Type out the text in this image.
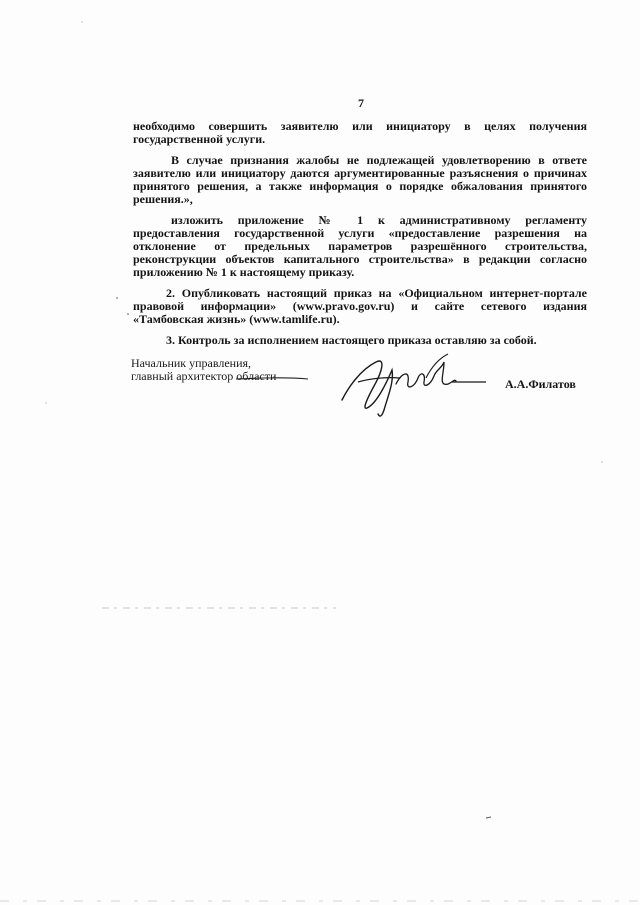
7
необходимо совершить заявителю или инициатору в целях получения
государственной услуги.
В случае признания жалобы не подлежащей удовлетворению в ответе
заявителю или инициатору даются аргументированные разъяснения о причинах
принятого решения, а также информация о порядке обжалования принятого
решения.»,
изложить приложение № 1 к административному регламенту
предоставления государственной услуги «предоставление разрешения на
отклонение от предельных параметров разрешённого строительства,
реконструкции объектов капитального строительства» в редакции согласно
приложению № 1 к настоящему приказу.
2. Опубликовать настоящий приказ на «Официальном интернет-портале
правовой информации» (www.pravo.gov.ru) и сайте сетевого издания
«Тамбовская жизнь» (www.tamlife.ru).
3. Контроль за исполнением настоящего приказа оставляю за собой.
Начальник управления,
главный архитектор области
А.А.Филатов
